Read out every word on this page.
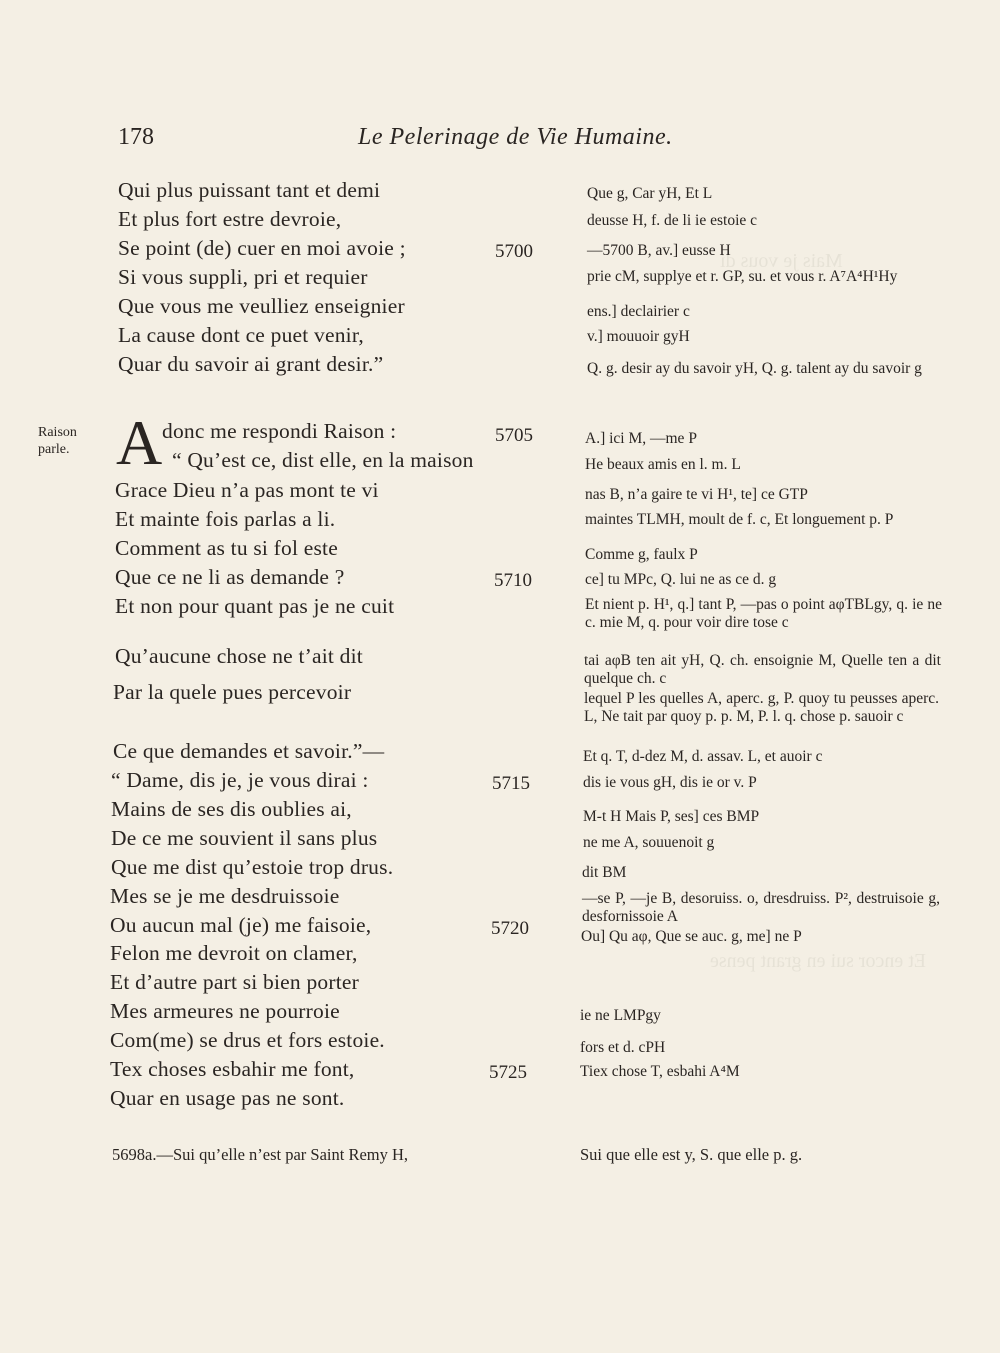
Mais je vous di
Et encor sui en grant pense
178	Le Pelerinage de Vie Humaine.
Raison
parle. A
Qui plus puissant tant et demi
Et plus fort estre devroie,
Se point (de) cuer en moi avoie ;
Si vous suppli, pri et requier
Que vous me veulliez enseignier
La cause dont ce puet venir,
Quar du savoir ai grant desir.”
donc me respondi Raison :
“ Qu’est ce, dist elle, en la maison
Grace Dieu n’a pas mont te vi
Et mainte fois parlas a li.
Comment as tu si fol este
Que ce ne li as demande ?
Et non pour quant pas je ne cuit
Qu’aucune chose ne t’ait dit
Par la quele pues percevoir
Ce que demandes et savoir.”—
“ Dame, dis je, je vous dirai :
Mains de ses dis oublies ai,
De ce me souvient il sans plus
Que me dist qu’estoie trop drus.
Mes se je me desdruissoie
Ou aucun mal (je) me faisoie,
Felon me devroit on clamer,
Et d’autre part si bien porter
Mes armeures ne pourroie
Com(me) se drus et fors estoie.
Tex choses esbahir me font,
Quar en usage pas ne sont.
5700
5705
5710
5715
5720
5725
Que g, Car yH, Et L
deusse H, f. de li ie estoie c
—5700 B, av.] eusse H
prie cM, supplye et r. GP, su. et vous r. A⁷A⁴H¹Hy
ens.] declairier c
v.] mouuoir gyH
Q. g. desir ay du savoir yH, Q. g. talent ay du savoir g
A.] ici M, —me P
He beaux amis en l. m. L
nas B, n’a gaire te vi H¹, te] ce GTP
maintes TLMH, moult de f. c, Et longuement p. P
Comme g, faulx P
ce] tu MPc, Q. lui ne as ce d. g
Et nient p. H¹, q.] tant P, —pas o point aφTBLgy, q. ie ne c. mie M, q. pour voir dire tose c
tai aφB ten ait yH, Q. ch. ensoignie M, Quelle ten a dit quelque ch. c
lequel P les quelles A, aperc. g, P. quoy tu peusses aperc. L, Ne tait par quoy p. p. M, P. l. q. chose p. sauoir c
Et q. T, d-dez M, d. assav. L, et auoir c
dis ie vous gH, dis ie or v. P
M-t H Mais P, ses] ces BMP
ne me A, souuenoit g
dit BM
—se P, —je B, desoruiss. o, dresdruiss. P², destruisoie g, desfornissoie A
Ou] Qu aφ, Que se auc. g, me] ne P
ie ne LMPgy
fors et d. cPH
Tiex chose T, esbahi A⁴M
5698a.—Sui qu’elle n’est par Saint Remy H,	Sui que elle est y, S. que elle p. g.
